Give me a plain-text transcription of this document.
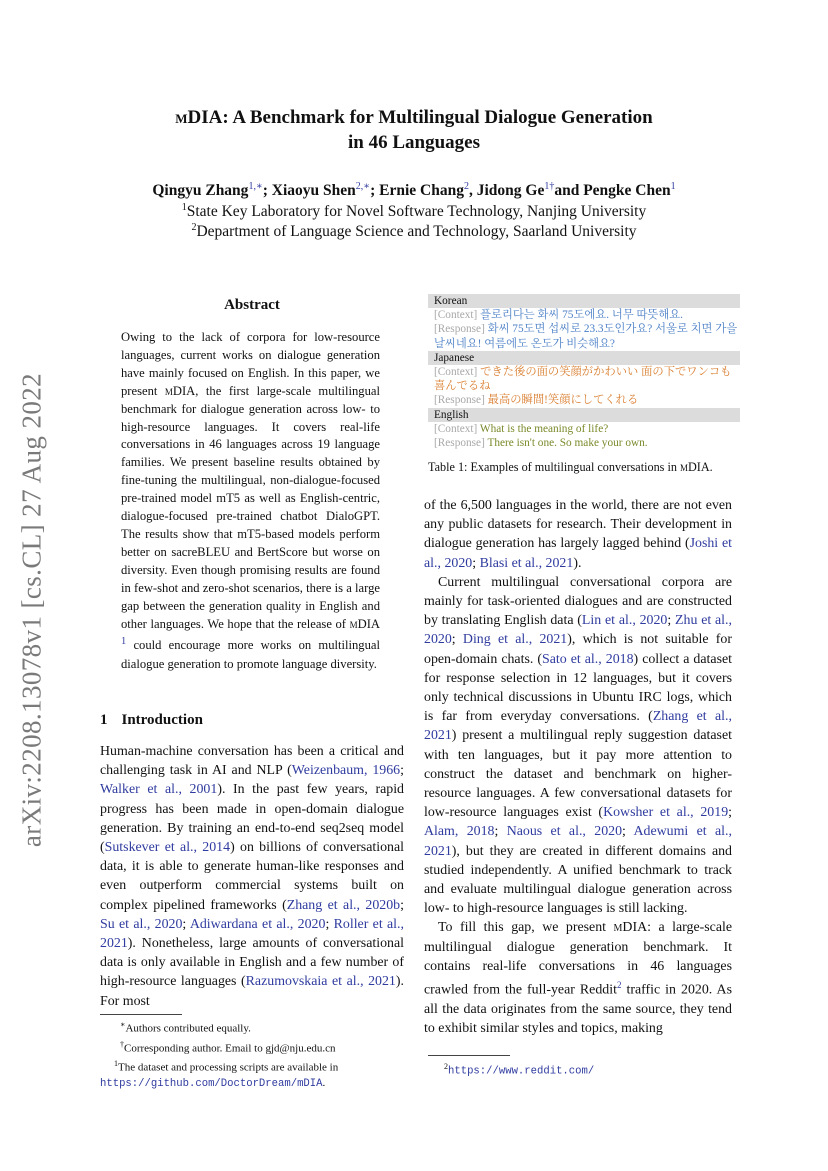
arXiv:2208.13078v1 [cs.CL] 27 Aug 2022
mDIA: A Benchmark for Multilingual Dialogue Generation
in 46 Languages
Qingyu Zhang$^{1,∗}$; Xiaoyu Shen$^{2,∗}$; Ernie Chang$^2$, Jidong $Ge^{1\dagger}and$ Pengke Chen$^1$
$^1$State Key Laboratory for Novel Software Technology, Nanjing University
$^2$Department of Language Science and Technology, Saarland University
Abstract
Owing to the lack of corpora for low-resource languages, current works on dialogue generation have mainly focused on English. In this paper, we present mDIA, the first large-scale multilingual benchmark for dialogue generation across low- to high-resource languages. It covers real-life conversations in 46 languages across 19 language families. We present baseline results obtained by fine-tuning the multilingual, non-dialogue-focused pre-trained model mT5 as well as English-centric, dialogue-focused pre-trained chatbot DialoGPT. The results show that mT5-based models perform better on sacreBLEU and BertScore but worse on diversity. Even though promising results are found in few-shot and zero-shot scenarios, there is a large gap between the generation quality in English and other languages. We hope that the release of mDIA $^1$ could encourage more works on multilingual dialogue generation to promote language diversity.
1 Introduction

Human-machine conversation has been a critical and challenging task in AI and NLP (Weizenbaum, 1966; Walker et al., 2001). In the past few years, rapid progress has been made in open-domain dialogue generation. By training an end-to-end seq2seq model (Sutskever et al., 2014) on billions of conversational data, it is able to generate human-like responses and even outperform commercial systems built on complex pipelined frameworks (Zhang et al., 2020b; Su et al., 2020; Adiwardana et al., 2020; Roller et al., 2021). Nonetheless, large amounts of conversational data is only available in English and a few number of high-resource languages (Razumovskaia et al., 2021). For most

∗Authors contributed equally.
†Corresponding author. Email to gjd@nju.edu.cn
$^1$The dataset and processing scripts are available in
https://github.com/DoctorDream/mDIA.
Korean
[Context] 플로리다는 화씨 75도에요. 너무 따뜻해요.
[Response] 화씨 75도면 섭씨로 23.3도인가요? 서울로 치면 가을 날씨네요! 여름에도 온도가 비슷해요?
Japanese
[Context] できた後の面の笑顔がかわいい 面の下でワンコも喜んでるね
[Response] 最高の瞬間!笑顔にしてくれる
English
[Context] What is the meaning of life?
[Response] There isn't one. So make your own.
Table 1: Examples of multilingual conversations in mDIA.

of the 6,500 languages in the world, there are not even any public datasets for research. Their development in dialogue generation has largely lagged behind (Joshi et al., 2020; Blasi et al., 2021).

Current multilingual conversational corpora are mainly for task-oriented dialogues and are constructed by translating English data (Lin et al., 2020; Zhu et al., 2020; Ding et al., 2021), which is not suitable for open-domain chats. (Sato et al., 2018) collect a dataset for response selection in 12 languages, but it covers only technical discussions in Ubuntu IRC logs, which is far from everyday conversations. (Zhang et al., 2021) present a multilingual reply suggestion dataset with ten languages, but it pay more attention to construct the dataset and benchmark on higher-resource languages. A few conversational datasets for low-resource languages exist (Kowsher et al., 2019; Alam, 2018; Naous et al., 2020; Adewumi et al., 2021), but they are created in different domains and studied independently. A unified benchmark to track and evaluate multilingual dialogue generation across low- to high-resource languages is still lacking.

To fill this gap, we present mDIA: a large-scale multilingual dialogue generation benchmark. It contains real-life conversations in 46 languages crawled from the full-year Reddit$^2$ traffic in 2020. As all the data originates from the same source, they tend to exhibit similar styles and topics, making

$^2$https://www.reddit.com/
